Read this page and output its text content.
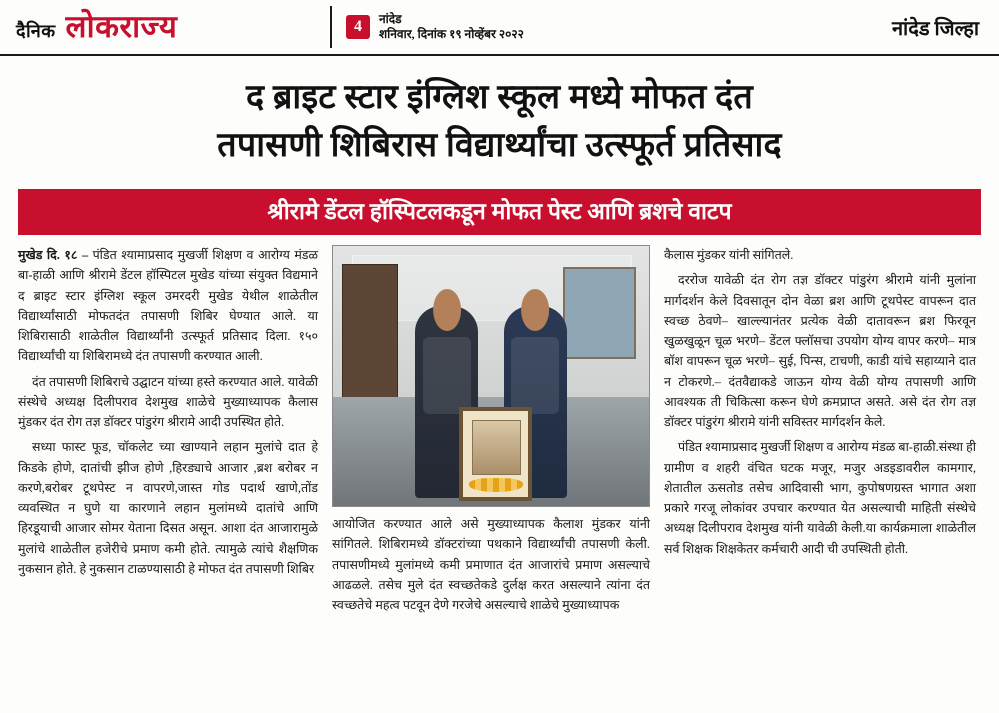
दैनिक लोकराज्य	4	नांदेड
शनिवार, दिनांक १९ नोव्हेंबर २०२२	नांदेड जिल्हा
द ब्राइट स्टार इंग्लिश स्कूल मध्ये मोफत दंत
तपासणी शिबिरास विद्यार्थ्यांचा उत्स्फूर्त प्रतिसाद
श्रीरामे डेंटल हॉस्पिटलकडून मोफत पेस्ट आणि ब्रशचे वाटप

मुखेड दि. १८ – पंडित श्यामाप्रसाद मुखर्जी शिक्षण व आरोग्य मंडळ बा-हाळी आणि श्रीरामे डेंटल हॉस्पिटल मुखेड यांच्या संयुक्त विद्यमाने द ब्राइट स्टार इंग्लिश स्कूल उमरदरी मुखेड येथील शाळेतील विद्यार्थ्यांसाठी मोफतदंत तपासणी शिबिर घेण्यात आले. या शिबिरासाठी शाळेतील विद्यार्थ्यांनी उत्स्फूर्त प्रतिसाद दिला. १५० विद्यार्थ्यांची या शिबिरामध्ये दंत तपासणी करण्यात आली.

दंत तपासणी शिबिराचे उद्घाटन यांच्या हस्ते करण्यात आले. यावेळी संस्थेचे अध्यक्ष दिलीपराव देशमुख शाळेचे मुख्याध्यापक कैलास मुंडकर दंत रोग तज्ञ डॉक्टर पांडुरंग श्रीरामे आदी उपस्थित होते.

सध्या फास्ट फूड, चॉकलेट च्या खाण्याने लहान मुलांचे दात हे किडके होणे, दातांची झीज होणे ,हिरड्याचे आजार ,ब्रश बरोबर न करणे,बरोबर टूथपेस्ट न वापरणे,जास्त गोड पदार्थ खाणे,तोंड व्यवस्थित न घुणे या कारणाने लहान मुलांमध्ये दातांचे आणि हिरडूयाची आजार सोमर येताना दिसत असून. आशा दंत आजारामुळे मुलांचे शाळेतील हजेरीचे प्रमाण कमी होते. त्यामुळे त्यांचे शैक्षणिक नुकसान होते. हे नुकसान टाळण्यासाठी हे मोफत दंत तपासणी शिबिर

आयोजित करण्यात आले असे मुख्याध्यापक कैलाश मुंडकर यांनी सांगितले. शिबिरामध्ये डॉक्टरांच्या पथकाने विद्यार्थ्यांची तपासणी केली. तपासणीमध्ये मुलांमध्ये कमी प्रमाणात दंत आजारांचे प्रमाण असल्याचे आढळले. तसेच मुले दंत स्वच्छतेकडे दुर्लक्ष करत असल्याने त्यांना दंत स्वच्छतेचे महत्व पटवून देणे गरजेचे असल्याचे शाळेचे मुख्याध्यापक

कैलास मुंडकर यांनी सांगितले.

दररोज यावेळी दंत रोग तज्ञ डॉक्टर पांडुरंग श्रीरामे यांनी मुलांना मार्गदर्शन केले दिवसातून दोन वेळा ब्रश आणि टूथपेस्ट वापरून दात स्वच्छ ठेवणे– खाल्ल्यानंतर प्रत्येक वेळी दातावरून ब्रश फिरवून खुळखुळून चूळ भरणे– डेंटल फ्लॉसचा उपयोग योग्य वापर करणे– मात्र बॉश वापरून चूळ भरणे– सुई, पिन्स, टाचणी, काडी यांचे सहाय्याने दात न टोकरणे.– दंतवैद्याकडे जाऊन योग्य वेळी योग्य तपासणी आणि आवश्यक ती चिकित्सा करून घेणे क्रमप्राप्त असते. असे दंत रोग तज्ञ डॉक्टर पांडुरंग श्रीरामे यांनी सविस्तर मार्गदर्शन केले.

पंडित श्यामाप्रसाद मुखर्जी शिक्षण व आरोग्य मंडळ बा-हाळी.संस्था ही ग्रामीण व शहरी वंचित घटक मजूर, मजुर अडइडावरील कामगार, शेतातील ऊसतोड तसेच आदिवासी भाग, कुपोषणग्रस्त भागात अशा प्रकारे गरजू लोकांवर उपचार करण्यात येत असल्याची माहिती संस्थेचे अध्यक्ष दिलीपराव देशमुख यांनी यावेळी केली.या कार्यक्रमाला शाळेतील सर्व शिक्षक शिक्षकेतर कर्मचारी आदी ची उपस्थिती होती.
